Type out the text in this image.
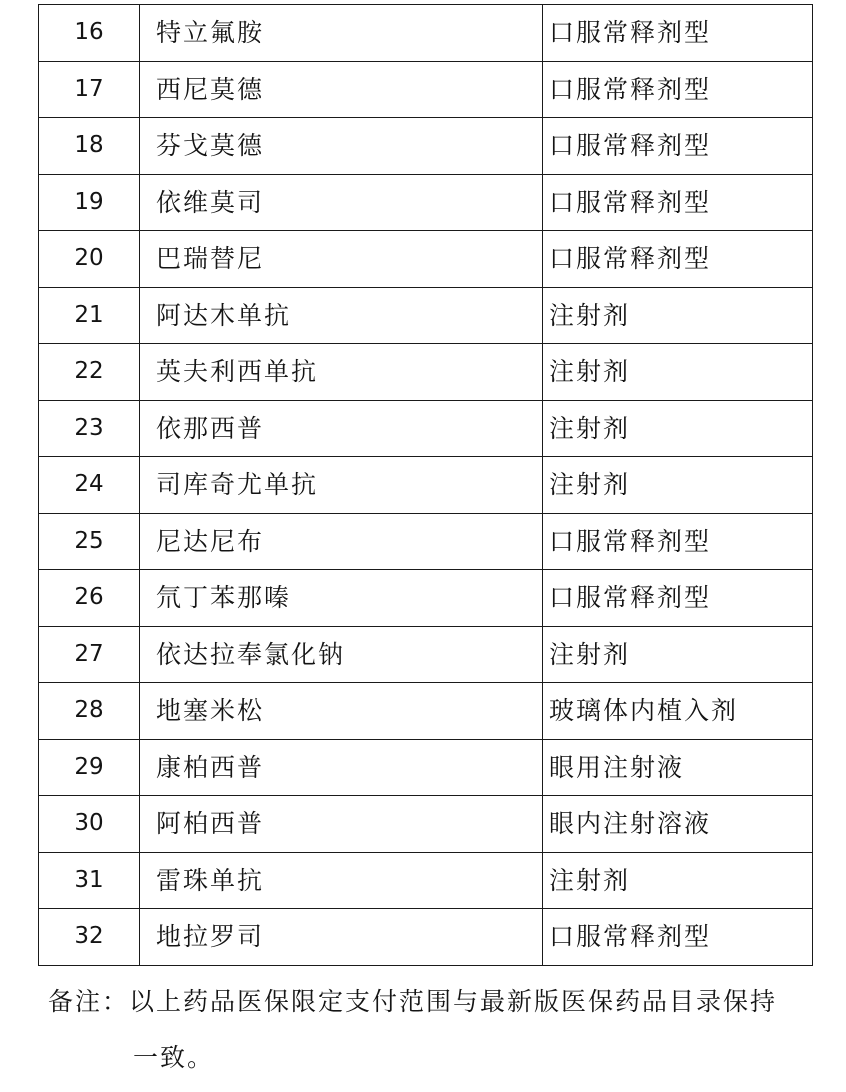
16	特立氟胺	口服常释剂型
17	西尼莫德	口服常释剂型
18	芬戈莫德	口服常释剂型
19	依维莫司	口服常释剂型
20	巴瑞替尼	口服常释剂型
21	阿达木单抗	注射剂
22	英夫利西单抗	注射剂
23	依那西普	注射剂
24	司库奇尤单抗	注射剂
25	尼达尼布	口服常释剂型
26	氘丁苯那嗪	口服常释剂型
27	依达拉奉氯化钠	注射剂
28	地塞米松	玻璃体内植入剂
29	康柏西普	眼用注射液
30	阿柏西普	眼内注射溶液
31	雷珠单抗	注射剂
32	地拉罗司	口服常释剂型

备注：以上药品医保限定支付范围与最新版医保药品目录保持

一致。
